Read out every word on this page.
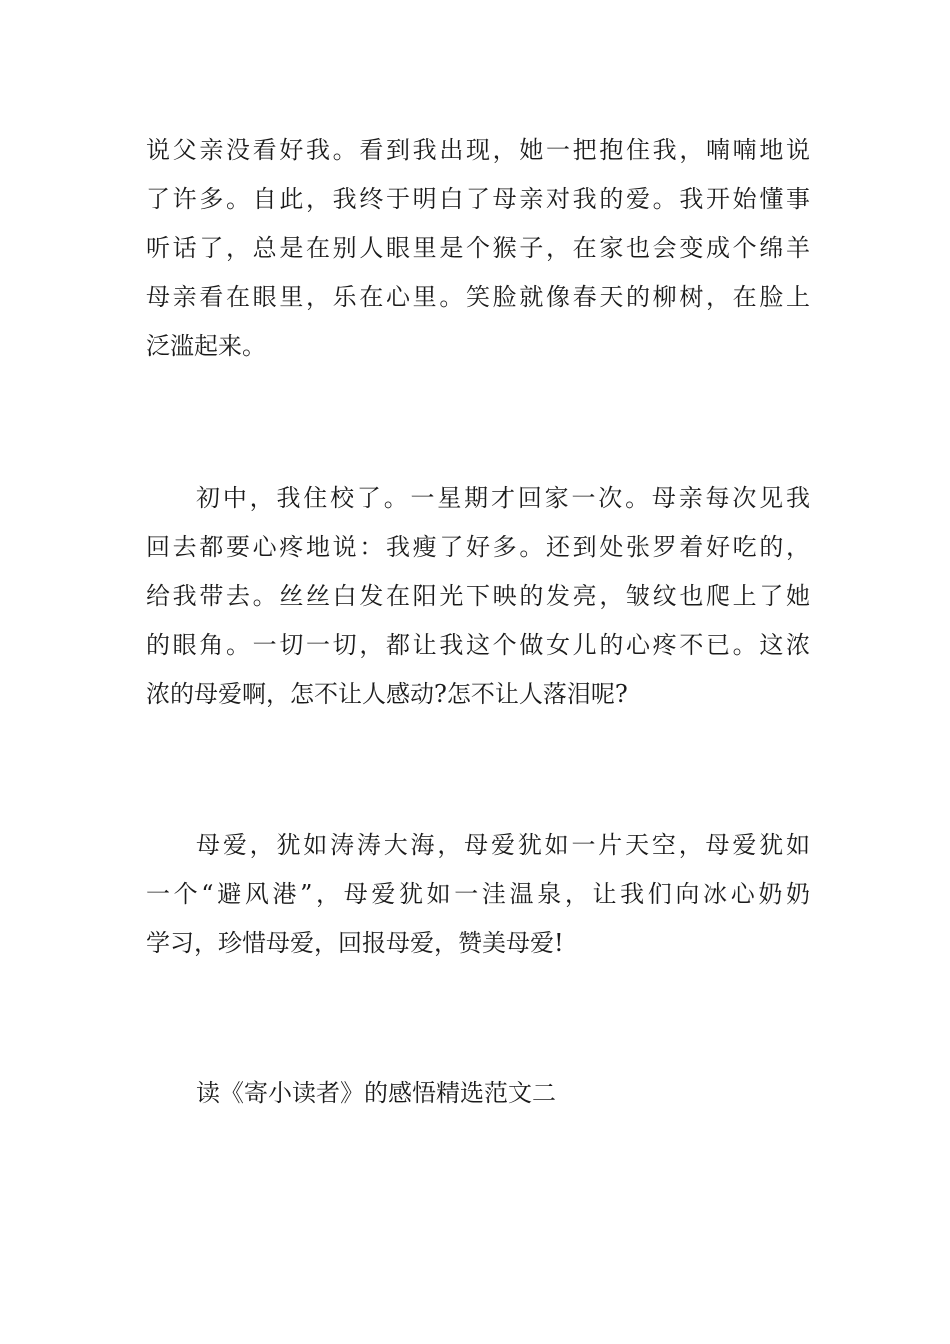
说父亲没看好我。看到我出现，她一把抱住我，喃喃地说
了许多。自此，我终于明白了母亲对我的爱。我开始懂事
听话了，总是在别人眼里是个猴子，在家也会变成个绵羊
母亲看在眼里，乐在心里。笑脸就像春天的柳树，在脸上
泛滥起来。
初中，我住校了。一星期才回家一次。母亲每次见我
回去都要心疼地说：我瘦了好多。还到处张罗着好吃的，
给我带去。丝丝白发在阳光下映的发亮，皱纹也爬上了她
的眼角。一切一切，都让我这个做女儿的心疼不已。这浓
浓的母爱啊，怎不让人感动?怎不让人落泪呢?
母爱，犹如涛涛大海，母爱犹如一片天空，母爱犹如
一个“避风港”，母爱犹如一洼温泉，让我们向冰心奶奶
学习，珍惜母爱，回报母爱，赞美母爱!
读《寄小读者》的感悟精选范文二
